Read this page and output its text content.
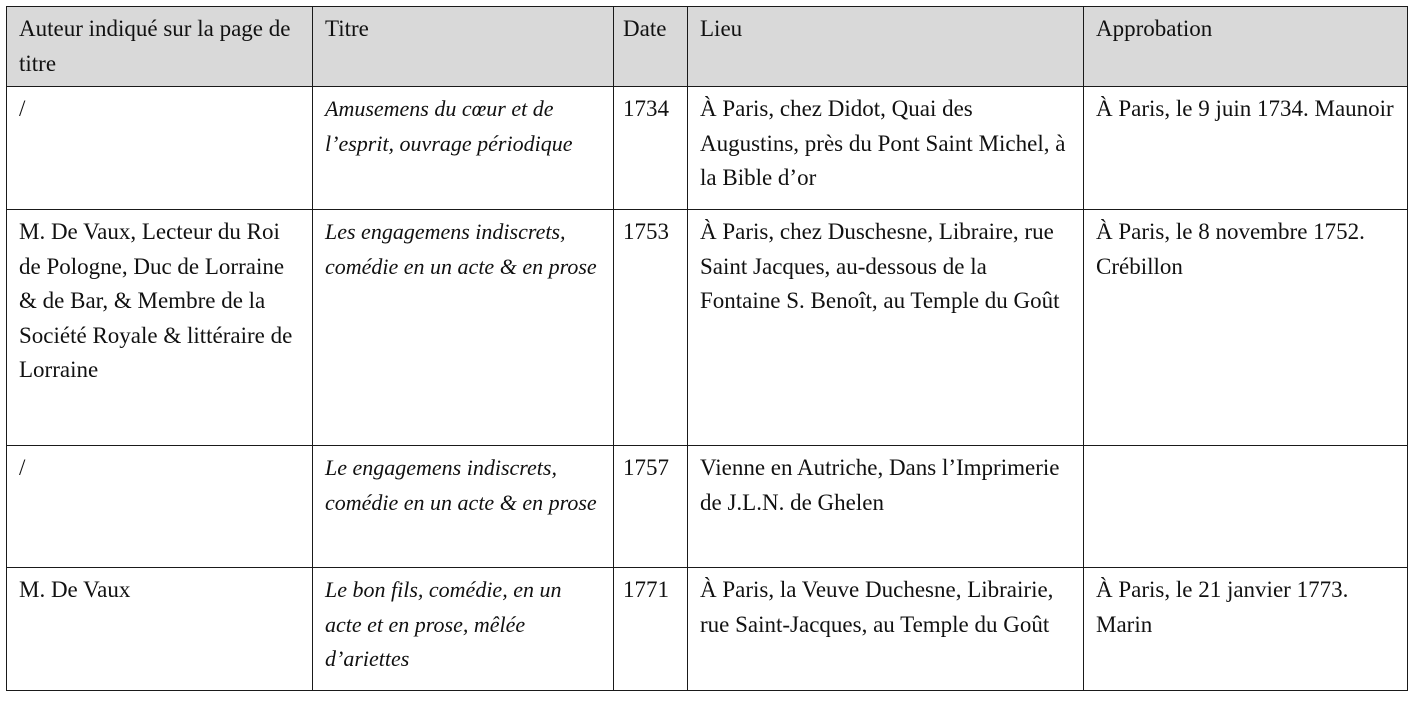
Auteur indiqué sur la page de titre	Titre	Date	Lieu	Approbation
/	Amusemens du cœur et de l’esprit, ouvrage périodique	1734	À Paris, chez Didot, Quai des Augustins, près du Pont Saint Michel, à la Bible d’or	À Paris, le 9 juin 1734. Maunoir
M. De Vaux, Lecteur du Roi de Pologne, Duc de Lorraine & de Bar, & Membre de la Société Royale & littéraire de Lorraine	Les engagemens indiscrets, comédie en un acte & en prose	1753	À Paris, chez Duschesne, Libraire, rue Saint Jacques, au-dessous de la Fontaine S. Benoît, au Temple du Goût	À Paris, le 8 novembre 1752. Crébillon
/	Le engagemens indiscrets, comédie en un acte & en prose	1757	Vienne en Autriche, Dans l’Imprimerie de J.L.N. de Ghelen	
M. De Vaux	Le bon fils, comédie, en un acte et en prose, mêlée d’ariettes	1771	À Paris, la Veuve Duchesne, Librairie, rue Saint-Jacques, au Temple du Goût	À Paris, le 21 janvier 1773. Marin
